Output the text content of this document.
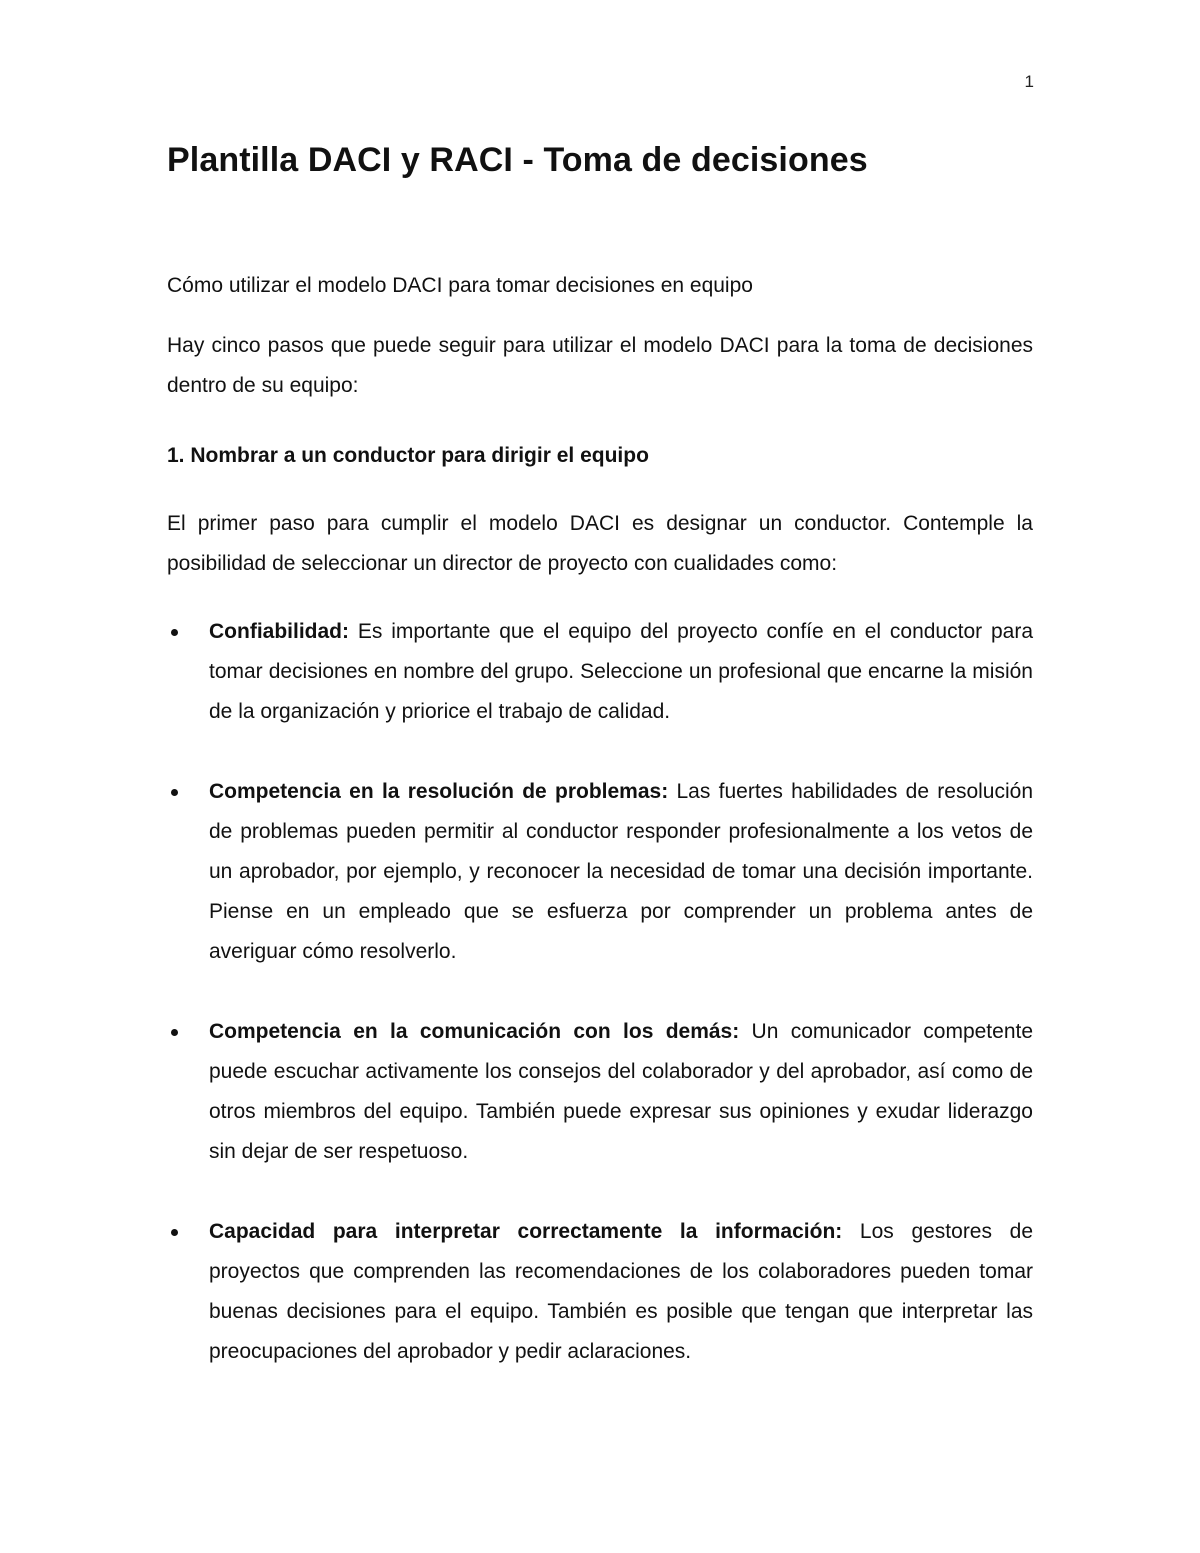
1
Plantilla DACI y RACI - Toma de decisiones

Cómo utilizar el modelo DACI para tomar decisiones en equipo

Hay cinco pasos que puede seguir para utilizar el modelo DACI para la toma de decisiones dentro de su equipo:

1. Nombrar a un conductor para dirigir el equipo

El primer paso para cumplir el modelo DACI es designar un conductor. Contemple la posibilidad de seleccionar un director de proyecto con cualidades como:

Confiabilidad: Es importante que el equipo del proyecto confíe en el conductor para tomar decisiones en nombre del grupo. Seleccione un profesional que encarne la misión de la organización y priorice el trabajo de calidad.
Competencia en la resolución de problemas: Las fuertes habilidades de resolución de problemas pueden permitir al conductor responder profesionalmente a los vetos de un aprobador, por ejemplo, y reconocer la necesidad de tomar una decisión importante. Piense en un empleado que se esfuerza por comprender un problema antes de averiguar cómo resolverlo.
Competencia en la comunicación con los demás: Un comunicador competente puede escuchar activamente los consejos del colaborador y del aprobador, así como de otros miembros del equipo. También puede expresar sus opiniones y exudar liderazgo sin dejar de ser respetuoso.
Capacidad para interpretar correctamente la información: Los gestores de proyectos que comprenden las recomendaciones de los colaboradores pueden tomar buenas decisiones para el equipo. También es posible que tengan que interpretar las preocupaciones del aprobador y pedir aclaraciones.
